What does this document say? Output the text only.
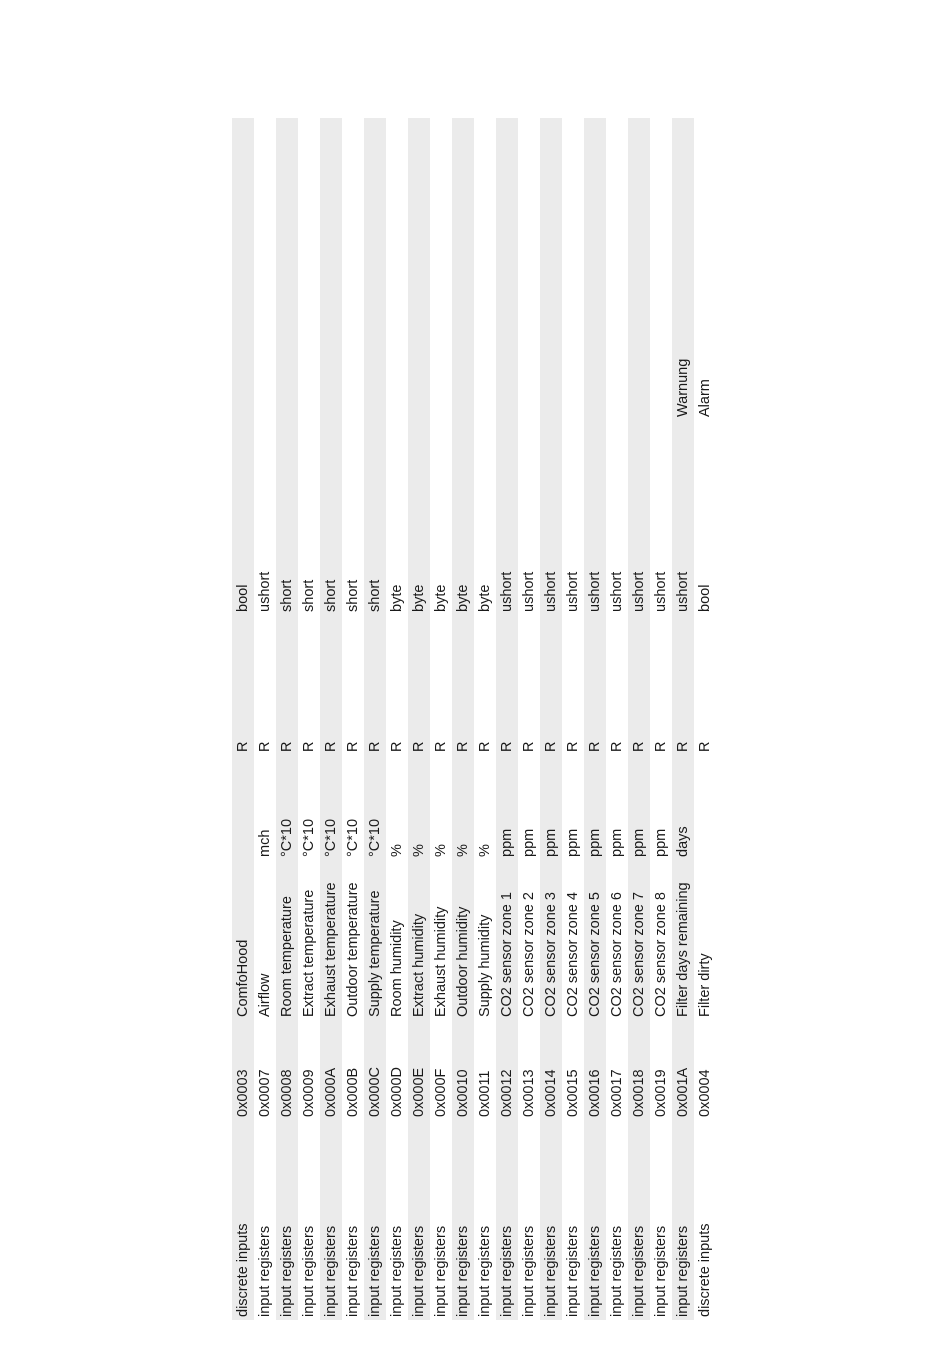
discrete inputs
0x0003
ComfoHood
R
bool
input registers
0x0007
Airflow
mch
R
ushort
input registers
0x0008
Room temperature
°C*10
R
short
input registers
0x0009
Extract temperature
°C*10
R
short
input registers
0x000A
Exhaust temperature
°C*10
R
short
input registers
0x000B
Outdoor temperature
°C*10
R
short
input registers
0x000C
Supply temperature
°C*10
R
short
input registers
0x000D
Room humidity
%
R
byte
input registers
0x000E
Extract humidity
%
R
byte
input registers
0x000F
Exhaust humidity
%
R
byte
input registers
0x0010
Outdoor humidity
%
R
byte
input registers
0x0011
Supply humidity
%
R
byte
input registers
0x0012
CO2 sensor zone 1
ppm
R
ushort
input registers
0x0013
CO2 sensor zone 2
ppm
R
ushort
input registers
0x0014
CO2 sensor zone 3
ppm
R
ushort
input registers
0x0015
CO2 sensor zone 4
ppm
R
ushort
input registers
0x0016
CO2 sensor zone 5
ppm
R
ushort
input registers
0x0017
CO2 sensor zone 6
ppm
R
ushort
input registers
0x0018
CO2 sensor zone 7
ppm
R
ushort
input registers
0x0019
CO2 sensor zone 8
ppm
R
ushort
input registers
0x001A
Filter days remaining
days
R
ushort
Warnung
discrete inputs
0x0004
Filter dirty
R
bool
Alarm
